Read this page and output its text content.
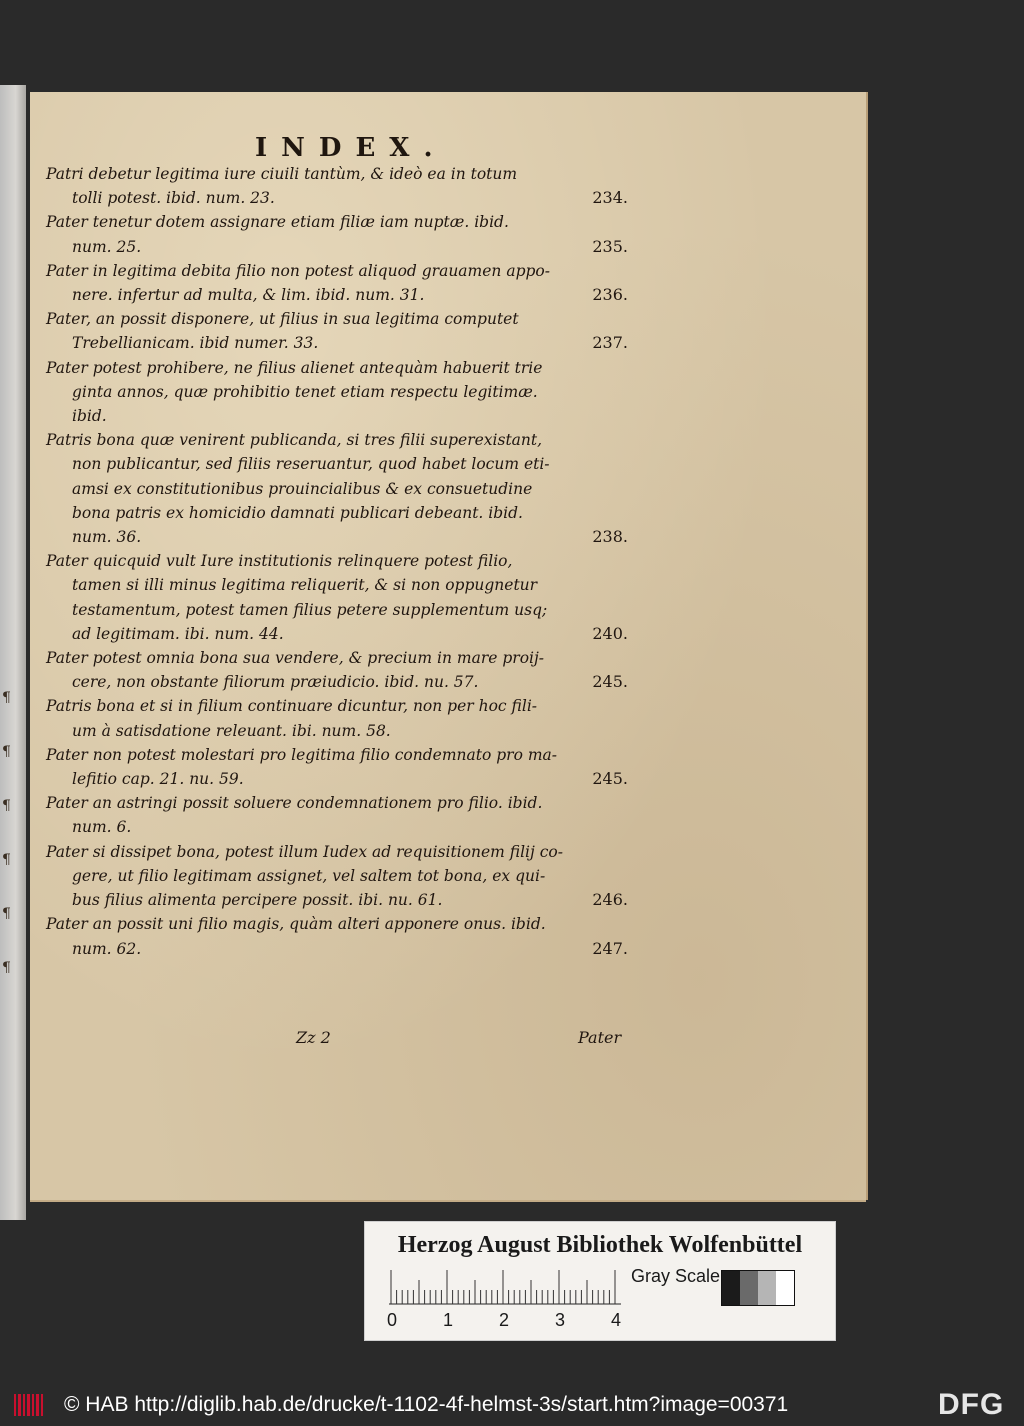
¶
¶
¶
¶
¶
¶
INDEX.
Patri debetur legitima iure ciuili tantùm, & ideò ea in totum
tolli potest. ibid. num. 23.	234.
Pater tenetur dotem assignare etiam filiæ iam nuptæ. ibid.
num. 25.	235.
Pater in legitima debita filio non potest aliquod grauamen appo-
nere. infertur ad multa, & lim. ibid. num. 31.	236.
Pater, an possit disponere, ut filius in sua legitima computet
Trebellianicam. ibid numer. 33.	237.
Pater potest prohibere, ne filius alienet antequàm habuerit trie
ginta annos, quæ prohibitio tenet etiam respectu legitimæ.
ibid.
Patris bona quæ venirent publicanda, si tres filii superexistant,
non publicantur, sed filiis reseruantur, quod habet locum eti-
amsi ex constitutionibus prouincialibus & ex consuetudine
bona patris ex homicidio damnati publicari debeant. ibid.
num. 36.	238.
Pater quicquid vult Iure institutionis relinquere potest filio,
tamen si illi minus legitima reliquerit, & si non oppugnetur
testamentum, potest tamen filius petere supplementum usq;
ad legitimam. ibi. num. 44.	240.
Pater potest omnia bona sua vendere, & precium in mare proij-
cere, non obstante filiorum præiudicio. ibid. nu. 57.	245.
Patris bona et si in filium continuare dicuntur, non per hoc fili-
um à satisdatione releuant. ibi. num. 58.
Pater non potest molestari pro legitima filio condemnato pro ma-
lefitio cap. 21. nu. 59.	245.
Pater an astringi possit soluere condemnationem pro filio. ibid.
num. 6.
Pater si dissipet bona, potest illum Iudex ad requisitionem filij co-
gere, ut filio legitimam assignet, vel saltem tot bona, ex qui-
bus filius alimenta percipere possit. ibi. nu. 61.	246.
Pater an possit uni filio magis, quàm alteri apponere onus. ibid.
num. 62.	247.
Zz 2	Pater
Herzog August Bibliothek Wolfenbüttel
0	1	2	3	4
Gray Scale
© HAB http://diglib.hab.de/drucke/t-1102-4f-helmst-3s/start.htm?image=00371	DFG
